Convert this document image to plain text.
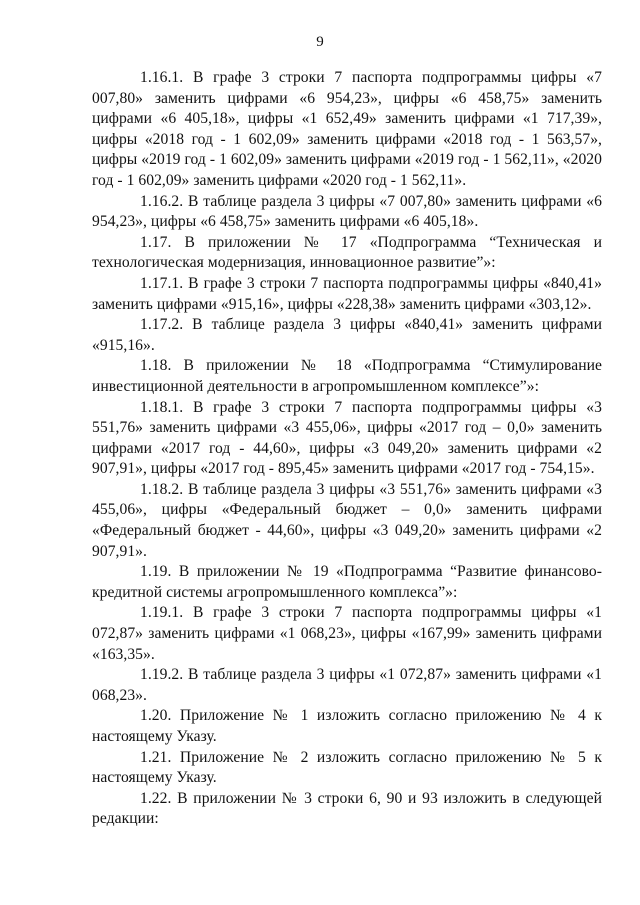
9

1.16.1. В графе 3 строки 7 паспорта подпрограммы цифры «7 007,80» заменить цифрами «6 954,23», цифры «6 458,75» заменить цифрами «6 405,18», цифры «1 652,49» заменить цифрами «1 717,39», цифры «2018 год - 1 602,09» заменить цифрами «2018 год - 1 563,57», цифры «2019 год - 1 602,09» заменить цифрами «2019 год - 1 562,11», «2020 год - 1 602,09» заменить цифрами «2020 год - 1 562,11».

1.16.2. В таблице раздела 3 цифры «7 007,80» заменить цифрами «6 954,23», цифры «6 458,75» заменить цифрами «6 405,18».

1.17. В приложении № 17 «Подпрограмма “Техническая и технологическая модернизация, инновационное развитие”»:

1.17.1. В графе 3 строки 7 паспорта подпрограммы цифры «840,41» заменить цифрами «915,16», цифры «228,38» заменить цифрами «303,12».

1.17.2. В таблице раздела 3 цифры «840,41» заменить цифрами «915,16».

1.18. В приложении № 18 «Подпрограмма “Стимулирование инвестиционной деятельности в агропромышленном комплексе”»:

1.18.1. В графе 3 строки 7 паспорта подпрограммы цифры «3 551,76» заменить цифрами «3 455,06», цифры «2017 год – 0,0» заменить цифрами «2017 год - 44,60», цифры «3 049,20» заменить цифрами «2 907,91», цифры «2017 год - 895,45» заменить цифрами «2017 год - 754,15».

1.18.2. В таблице раздела 3 цифры «3 551,76» заменить цифрами «3 455,06», цифры «Федеральный бюджет – 0,0» заменить цифрами «Федеральный бюджет - 44,60», цифры «3 049,20» заменить цифрами «2 907,91».

1.19. В приложении № 19 «Подпрограмма “Развитие финансово-кредитной системы агропромышленного комплекса”»:

1.19.1. В графе 3 строки 7 паспорта подпрограммы цифры «1 072,87» заменить цифрами «1 068,23», цифры «167,99» заменить цифрами «163,35».

1.19.2. В таблице раздела 3 цифры «1 072,87» заменить цифрами «1 068,23».

1.20. Приложение № 1 изложить согласно приложению № 4 к настоящему Указу.

1.21. Приложение № 2 изложить согласно приложению № 5 к настоящему Указу.

1.22. В приложении № 3 строки 6, 90 и 93 изложить в следующей редакции:
